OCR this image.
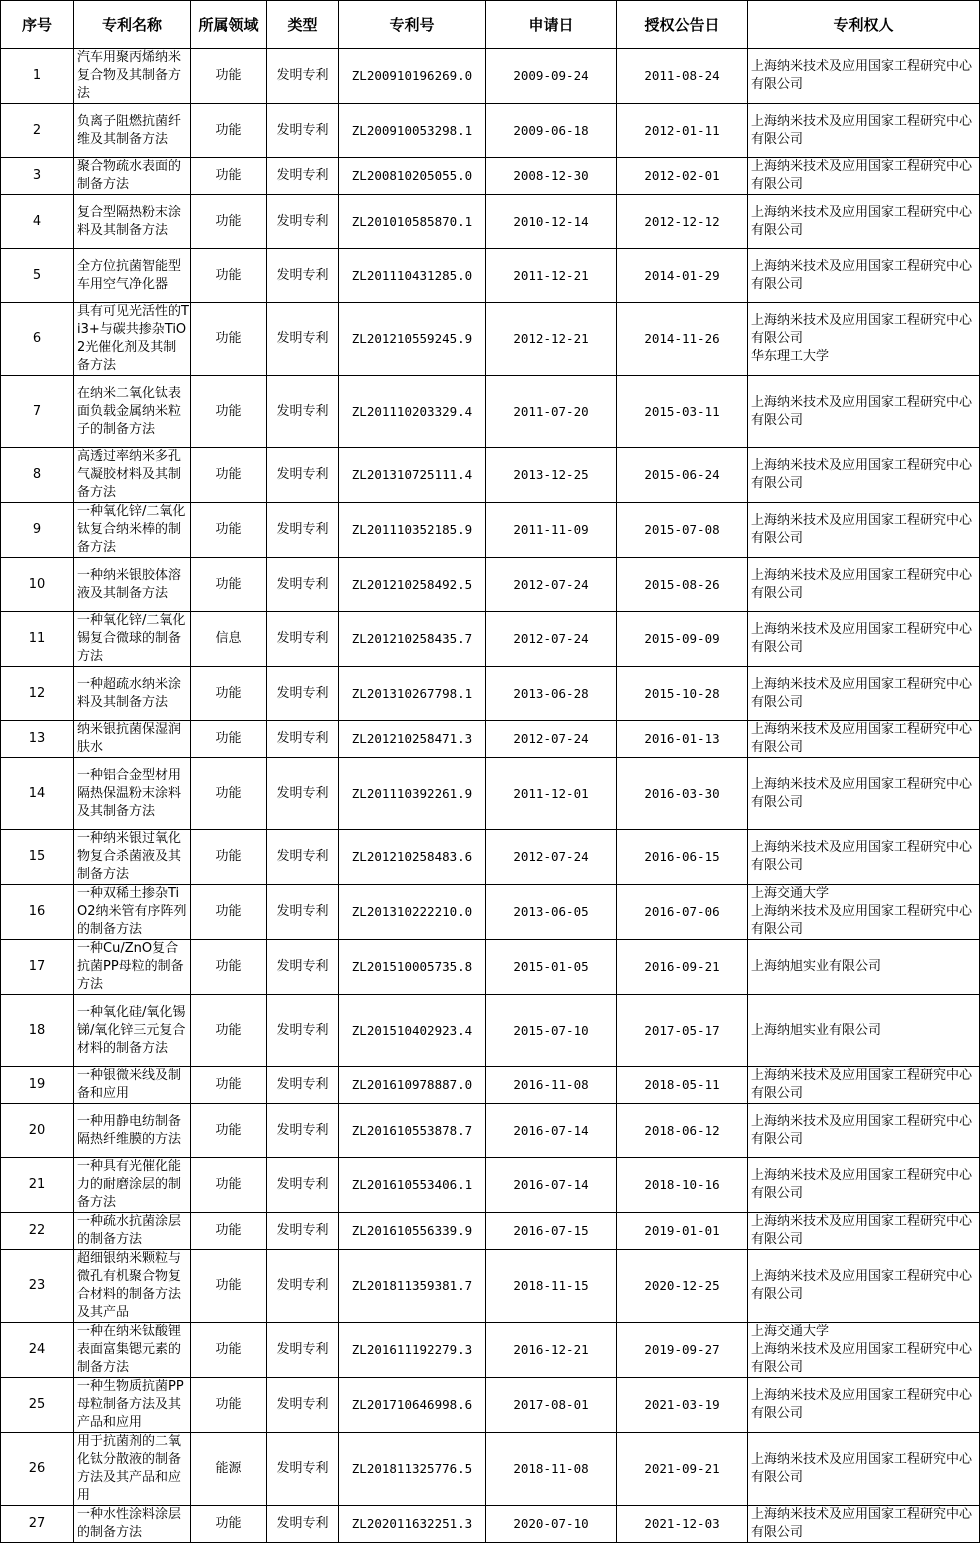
序号	专利名称	所属领域	类型	专利号	申请日	授权公告日	专利权人
1	汽车用聚丙烯纳米复合物及其制备方法	功能	发明专利	ZL200910196269.0	2009-09-24	2011-08-24	上海纳米技术及应用国家工程研究中心有限公司
2	负离子阻燃抗菌纤维及其制备方法	功能	发明专利	ZL200910053298.1	2009-06-18	2012-01-11	上海纳米技术及应用国家工程研究中心有限公司
3	聚合物疏水表面的制备方法	功能	发明专利	ZL200810205055.0	2008-12-30	2012-02-01	上海纳米技术及应用国家工程研究中心有限公司
4	复合型隔热粉末涂料及其制备方法	功能	发明专利	ZL201010585870.1	2010-12-14	2012-12-12	上海纳米技术及应用国家工程研究中心有限公司
5	全方位抗菌智能型车用空气净化器	功能	发明专利	ZL201110431285.0	2011-12-21	2014-01-29	上海纳米技术及应用国家工程研究中心有限公司
6	具有可见光活性的Ti3+与碳共掺杂TiO2光催化剂及其制备方法	功能	发明专利	ZL201210559245.9	2012-12-21	2014-11-26	上海纳米技术及应用国家工程研究中心有限公司
华东理工大学
7	在纳米二氧化钛表面负载金属纳米粒子的制备方法	功能	发明专利	ZL201110203329.4	2011-07-20	2015-03-11	上海纳米技术及应用国家工程研究中心有限公司
8	高透过率纳米多孔气凝胶材料及其制备方法	功能	发明专利	ZL201310725111.4	2013-12-25	2015-06-24	上海纳米技术及应用国家工程研究中心有限公司
9	一种氧化锌/二氧化钛复合纳米棒的制备方法	功能	发明专利	ZL201110352185.9	2011-11-09	2015-07-08	上海纳米技术及应用国家工程研究中心有限公司
10	一种纳米银胶体溶液及其制备方法	功能	发明专利	ZL201210258492.5	2012-07-24	2015-08-26	上海纳米技术及应用国家工程研究中心有限公司
11	一种氧化锌/二氧化锡复合微球的制备方法	信息	发明专利	ZL201210258435.7	2012-07-24	2015-09-09	上海纳米技术及应用国家工程研究中心有限公司
12	一种超疏水纳米涂料及其制备方法	功能	发明专利	ZL201310267798.1	2013-06-28	2015-10-28	上海纳米技术及应用国家工程研究中心有限公司
13	纳米银抗菌保湿润肤水	功能	发明专利	ZL201210258471.3	2012-07-24	2016-01-13	上海纳米技术及应用国家工程研究中心有限公司
14	一种铝合金型材用隔热保温粉末涂料及其制备方法	功能	发明专利	ZL201110392261.9	2011-12-01	2016-03-30	上海纳米技术及应用国家工程研究中心有限公司
15	一种纳米银过氧化物复合杀菌液及其制备方法	功能	发明专利	ZL201210258483.6	2012-07-24	2016-06-15	上海纳米技术及应用国家工程研究中心有限公司
16	一种双稀土掺杂TiO2纳米管有序阵列的制备方法	功能	发明专利	ZL201310222210.0	2013-06-05	2016-07-06	上海交通大学
上海纳米技术及应用国家工程研究中心有限公司
17	一种Cu/ZnO复合抗菌PP母粒的制备方法	功能	发明专利	ZL201510005735.8	2015-01-05	2016-09-21	上海纳旭实业有限公司
18	一种氧化硅/氧化锡锑/氧化锌三元复合材料的制备方法	功能	发明专利	ZL201510402923.4	2015-07-10	2017-05-17	上海纳旭实业有限公司
19	一种银微米线及制备和应用	功能	发明专利	ZL201610978887.0	2016-11-08	2018-05-11	上海纳米技术及应用国家工程研究中心有限公司
20	一种用静电纺制备隔热纤维膜的方法	功能	发明专利	ZL201610553878.7	2016-07-14	2018-06-12	上海纳米技术及应用国家工程研究中心有限公司
21	一种具有光催化能力的耐磨涂层的制备方法	功能	发明专利	ZL201610553406.1	2016-07-14	2018-10-16	上海纳米技术及应用国家工程研究中心有限公司
22	一种疏水抗菌涂层的制备方法	功能	发明专利	ZL201610556339.9	2016-07-15	2019-01-01	上海纳米技术及应用国家工程研究中心有限公司
23	超细银纳米颗粒与微孔有机聚合物复合材料的制备方法及其产品	功能	发明专利	ZL201811359381.7	2018-11-15	2020-12-25	上海纳米技术及应用国家工程研究中心有限公司
24	一种在纳米钛酸锂表面富集锶元素的制备方法	功能	发明专利	ZL201611192279.3	2016-12-21	2019-09-27	上海交通大学
上海纳米技术及应用国家工程研究中心有限公司
25	一种生物质抗菌PP母粒制备方法及其产品和应用	功能	发明专利	ZL201710646998.6	2017-08-01	2021-03-19	上海纳米技术及应用国家工程研究中心有限公司
26	用于抗菌剂的二氧化钛分散液的制备方法及其产品和应用	能源	发明专利	ZL201811325776.5	2018-11-08	2021-09-21	上海纳米技术及应用国家工程研究中心有限公司
27	一种水性涂料涂层的制备方法	功能	发明专利	ZL202011632251.3	2020-07-10	2021-12-03	上海纳米技术及应用国家工程研究中心有限公司
